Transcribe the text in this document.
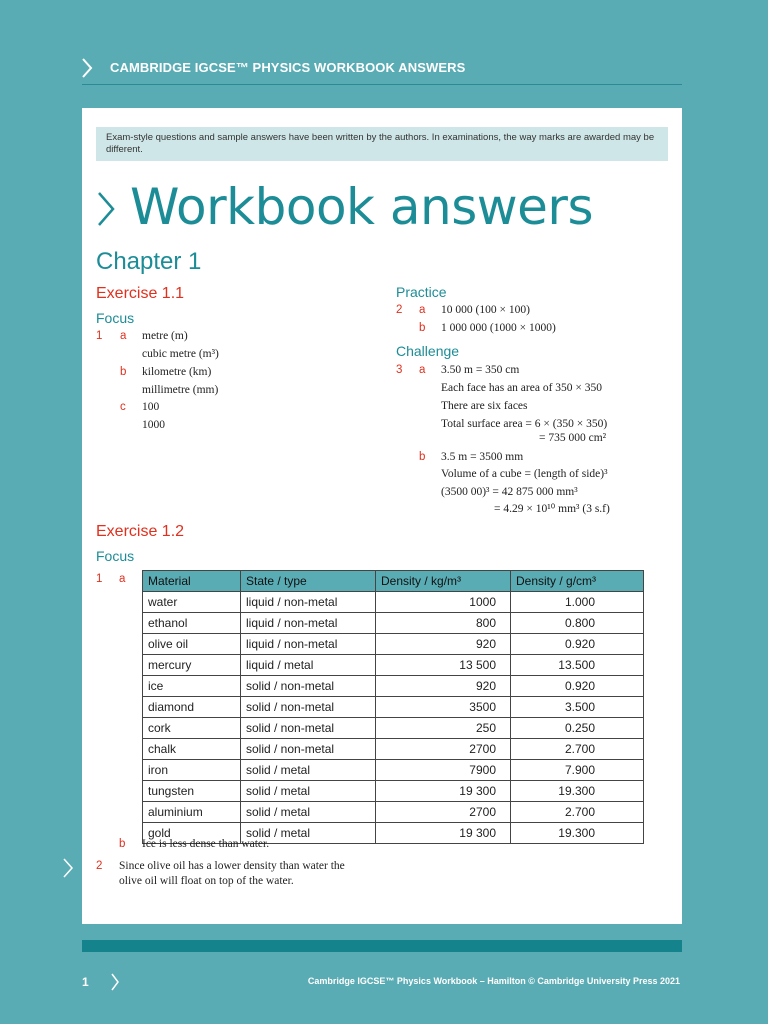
CAMBRIDGE IGCSE™ PHYSICS WORKBOOK ANSWERS
Exam-style questions and sample answers have been written by the authors. In examinations, the way marks are awarded may be different.
Workbook answers
Chapter 1
Exercise 1.1
Focus
1 a metre (m)
cubic metre (m³)
b kilometre (km)
millimetre (mm)
c 100
1000
Practice
2 a 10 000 (100 × 100)
b 1 000 000 (1000 × 1000)
Challenge
3 a 3.50 m = 350 cm
Each face has an area of 350 × 350
There are six faces
Total surface area = 6 × (350 × 350)
= 735 000 cm²
b 3.5 m = 3500 mm
Volume of a cube = (length of side)³
(3500 00)³ = 42 875 000 mm³
= 4.29 × 10¹⁰ mm³ (3 s.f)
Exercise 1.2
Focus
1 a Material	State / type	Density / kg/m³	Density / g/cm³
water	liquid / non-metal	1000	1.000
ethanol	liquid / non-metal	800	0.800
olive oil	liquid / non-metal	920	0.920
mercury	liquid / metal	13 500	13.500
ice	solid / non-metal	920	0.920
diamond	solid / non-metal	3500	3.500
cork	solid / non-metal	250	0.250
chalk	solid / non-metal	2700	2.700
iron	solid / metal	7900	7.900
tungsten	solid / metal	19 300	19.300
aluminium	solid / metal	2700	2.700
gold	solid / metal	19 300	19.300
b Ice is less dense than water.
2 Since olive oil has a lower density than water the
olive oil will float on top of the water.
1	Cambridge IGCSE™ Physics Workbook – Hamilton © Cambridge University Press 2021
